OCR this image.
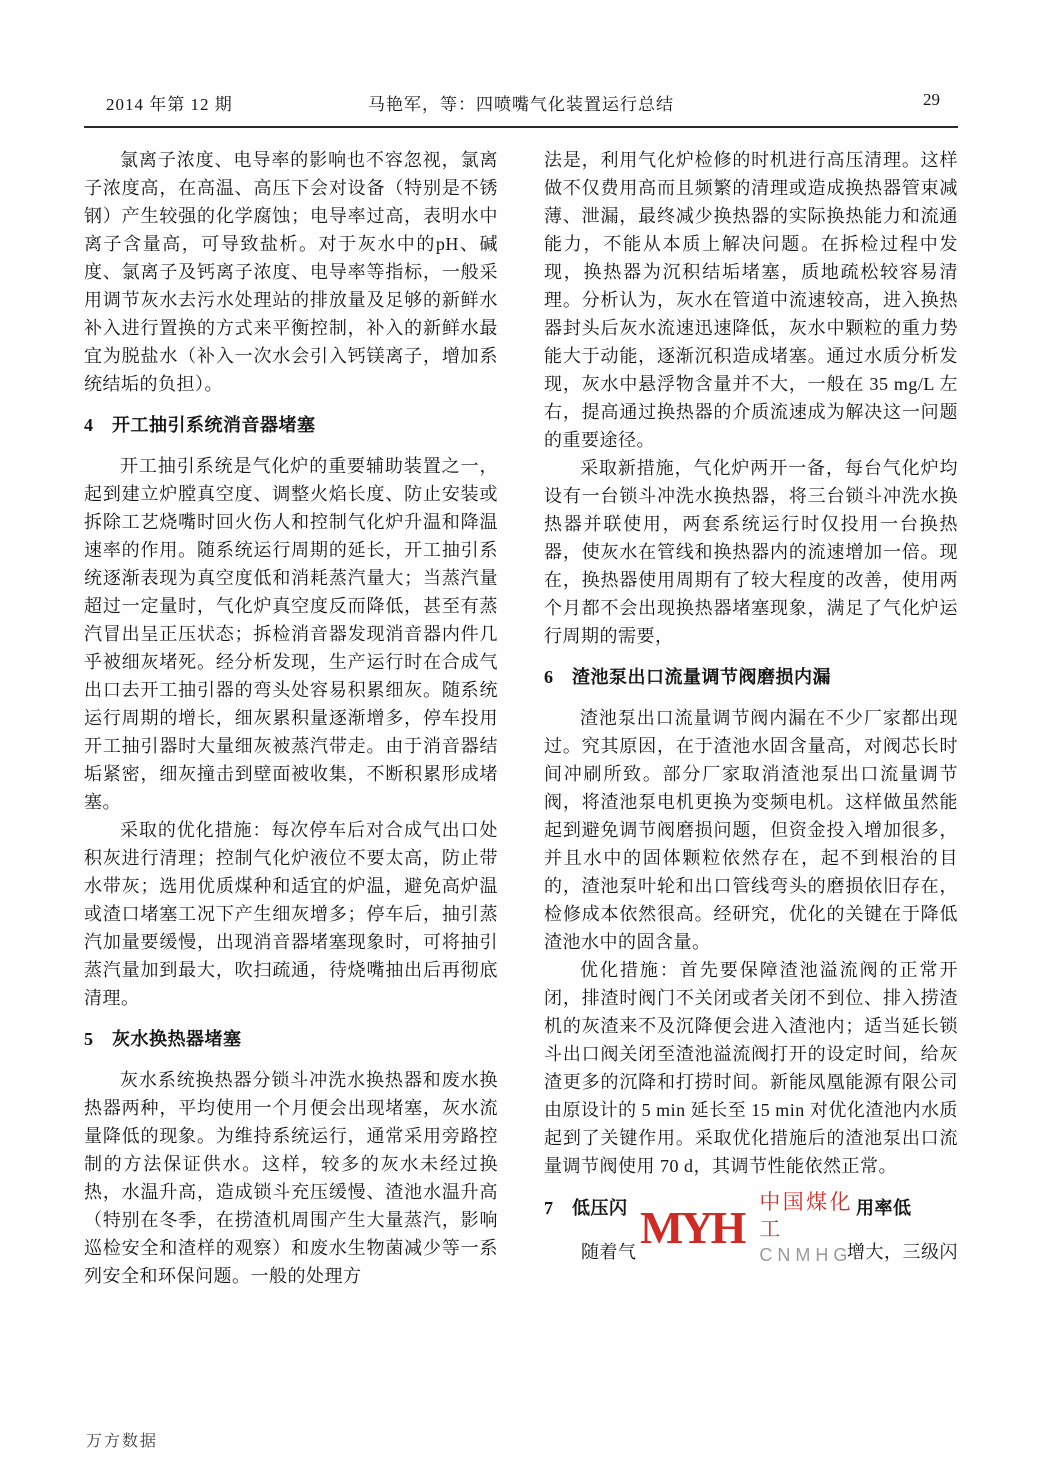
2014 年第 12 期	马艳军，等：四喷嘴气化装置运行总结	29

氯离子浓度、电导率的影响也不容忽视，氯离子浓度高，在高温、高压下会对设备（特别是不锈钢）产生较强的化学腐蚀；电导率过高，表明水中离子含量高，可导致盐析。对于灰水中的pH、碱度、氯离子及钙离子浓度、电导率等指标，一般采用调节灰水去污水处理站的排放量及足够的新鲜水补入进行置换的方式来平衡控制，补入的新鲜水最宜为脱盐水（补入一次水会引入钙镁离子，增加系统结垢的负担）。

4　开工抽引系统消音器堵塞

开工抽引系统是气化炉的重要辅助装置之一，起到建立炉膛真空度、调整火焰长度、防止安装或拆除工艺烧嘴时回火伤人和控制气化炉升温和降温速率的作用。随系统运行周期的延长，开工抽引系统逐渐表现为真空度低和消耗蒸汽量大；当蒸汽量超过一定量时，气化炉真空度反而降低，甚至有蒸汽冒出呈正压状态；拆检消音器发现消音器内件几乎被细灰堵死。经分析发现，生产运行时在合成气出口去开工抽引器的弯头处容易积累细灰。随系统运行周期的增长，细灰累积量逐渐增多，停车投用开工抽引器时大量细灰被蒸汽带走。由于消音器结垢紧密，细灰撞击到壁面被收集，不断积累形成堵塞。

采取的优化措施：每次停车后对合成气出口处积灰进行清理；控制气化炉液位不要太高，防止带水带灰；选用优质煤种和适宜的炉温，避免高炉温或渣口堵塞工况下产生细灰增多；停车后，抽引蒸汽加量要缓慢，出现消音器堵塞现象时，可将抽引蒸汽量加到最大，吹扫疏通，待烧嘴抽出后再彻底清理。

5　灰水换热器堵塞

灰水系统换热器分锁斗冲洗水换热器和废水换热器两种，平均使用一个月便会出现堵塞，灰水流量降低的现象。为维持系统运行，通常采用旁路控制的方法保证供水。这样，较多的灰水未经过换热，水温升高，造成锁斗充压缓慢、渣池水温升高（特别在冬季，在捞渣机周围产生大量蒸汽，影响巡检安全和渣样的观察）和废水生物菌减少等一系列安全和环保问题。一般的处理方

法是，利用气化炉检修的时机进行高压清理。这样做不仅费用高而且频繁的清理或造成换热器管束减薄、泄漏，最终减少换热器的实际换热能力和流通能力，不能从本质上解决问题。在拆检过程中发现，换热器为沉积结垢堵塞，质地疏松较容易清理。分析认为，灰水在管道中流速较高，进入换热器封头后灰水流速迅速降低，灰水中颗粒的重力势能大于动能，逐渐沉积造成堵塞。通过水质分析发现，灰水中悬浮物含量并不大，一般在 35 mg/L 左右，提高通过换热器的介质流速成为解决这一问题的重要途径。

采取新措施，气化炉两开一备，每台气化炉均设有一台锁斗冲洗水换热器，将三台锁斗冲洗水换热器并联使用，两套系统运行时仅投用一台换热器，使灰水在管线和换热器内的流速增加一倍。现在，换热器使用周期有了较大程度的改善，使用两个月都不会出现换热器堵塞现象，满足了气化炉运行周期的需要，

6　渣池泵出口流量调节阀磨损内漏

渣池泵出口流量调节阀内漏在不少厂家都出现过。究其原因，在于渣池水固含量高，对阀芯长时间冲刷所致。部分厂家取消渣池泵出口流量调节阀，将渣池泵电机更换为变频电机。这样做虽然能起到避免调节阀磨损问题，但资金投入增加很多，并且水中的固体颗粒依然存在，起不到根治的目的，渣池泵叶轮和出口管线弯头的磨损依旧存在，检修成本依然很高。经研究，优化的关键在于降低渣池水中的固含量。

优化措施：首先要保障渣池溢流阀的正常开闭，排渣时阀门不关闭或者关闭不到位、排入捞渣机的灰渣来不及沉降便会进入渣池内；适当延长锁斗出口阀关闭至渣池溢流阀打开的设定时间，给灰渣更多的沉降和打捞时间。新能凤凰能源有限公司由原设计的 5 min 延长至 15 min 对优化渣池内水质起到了关键作用。采取优化措施后的渣池泵出口流量调节阀使用 70 d，其调节性能依然正常。

7　低压闪	用率低
随着气	增大，三级闪
MYH 中国煤化工
CNMHG
万方数据
